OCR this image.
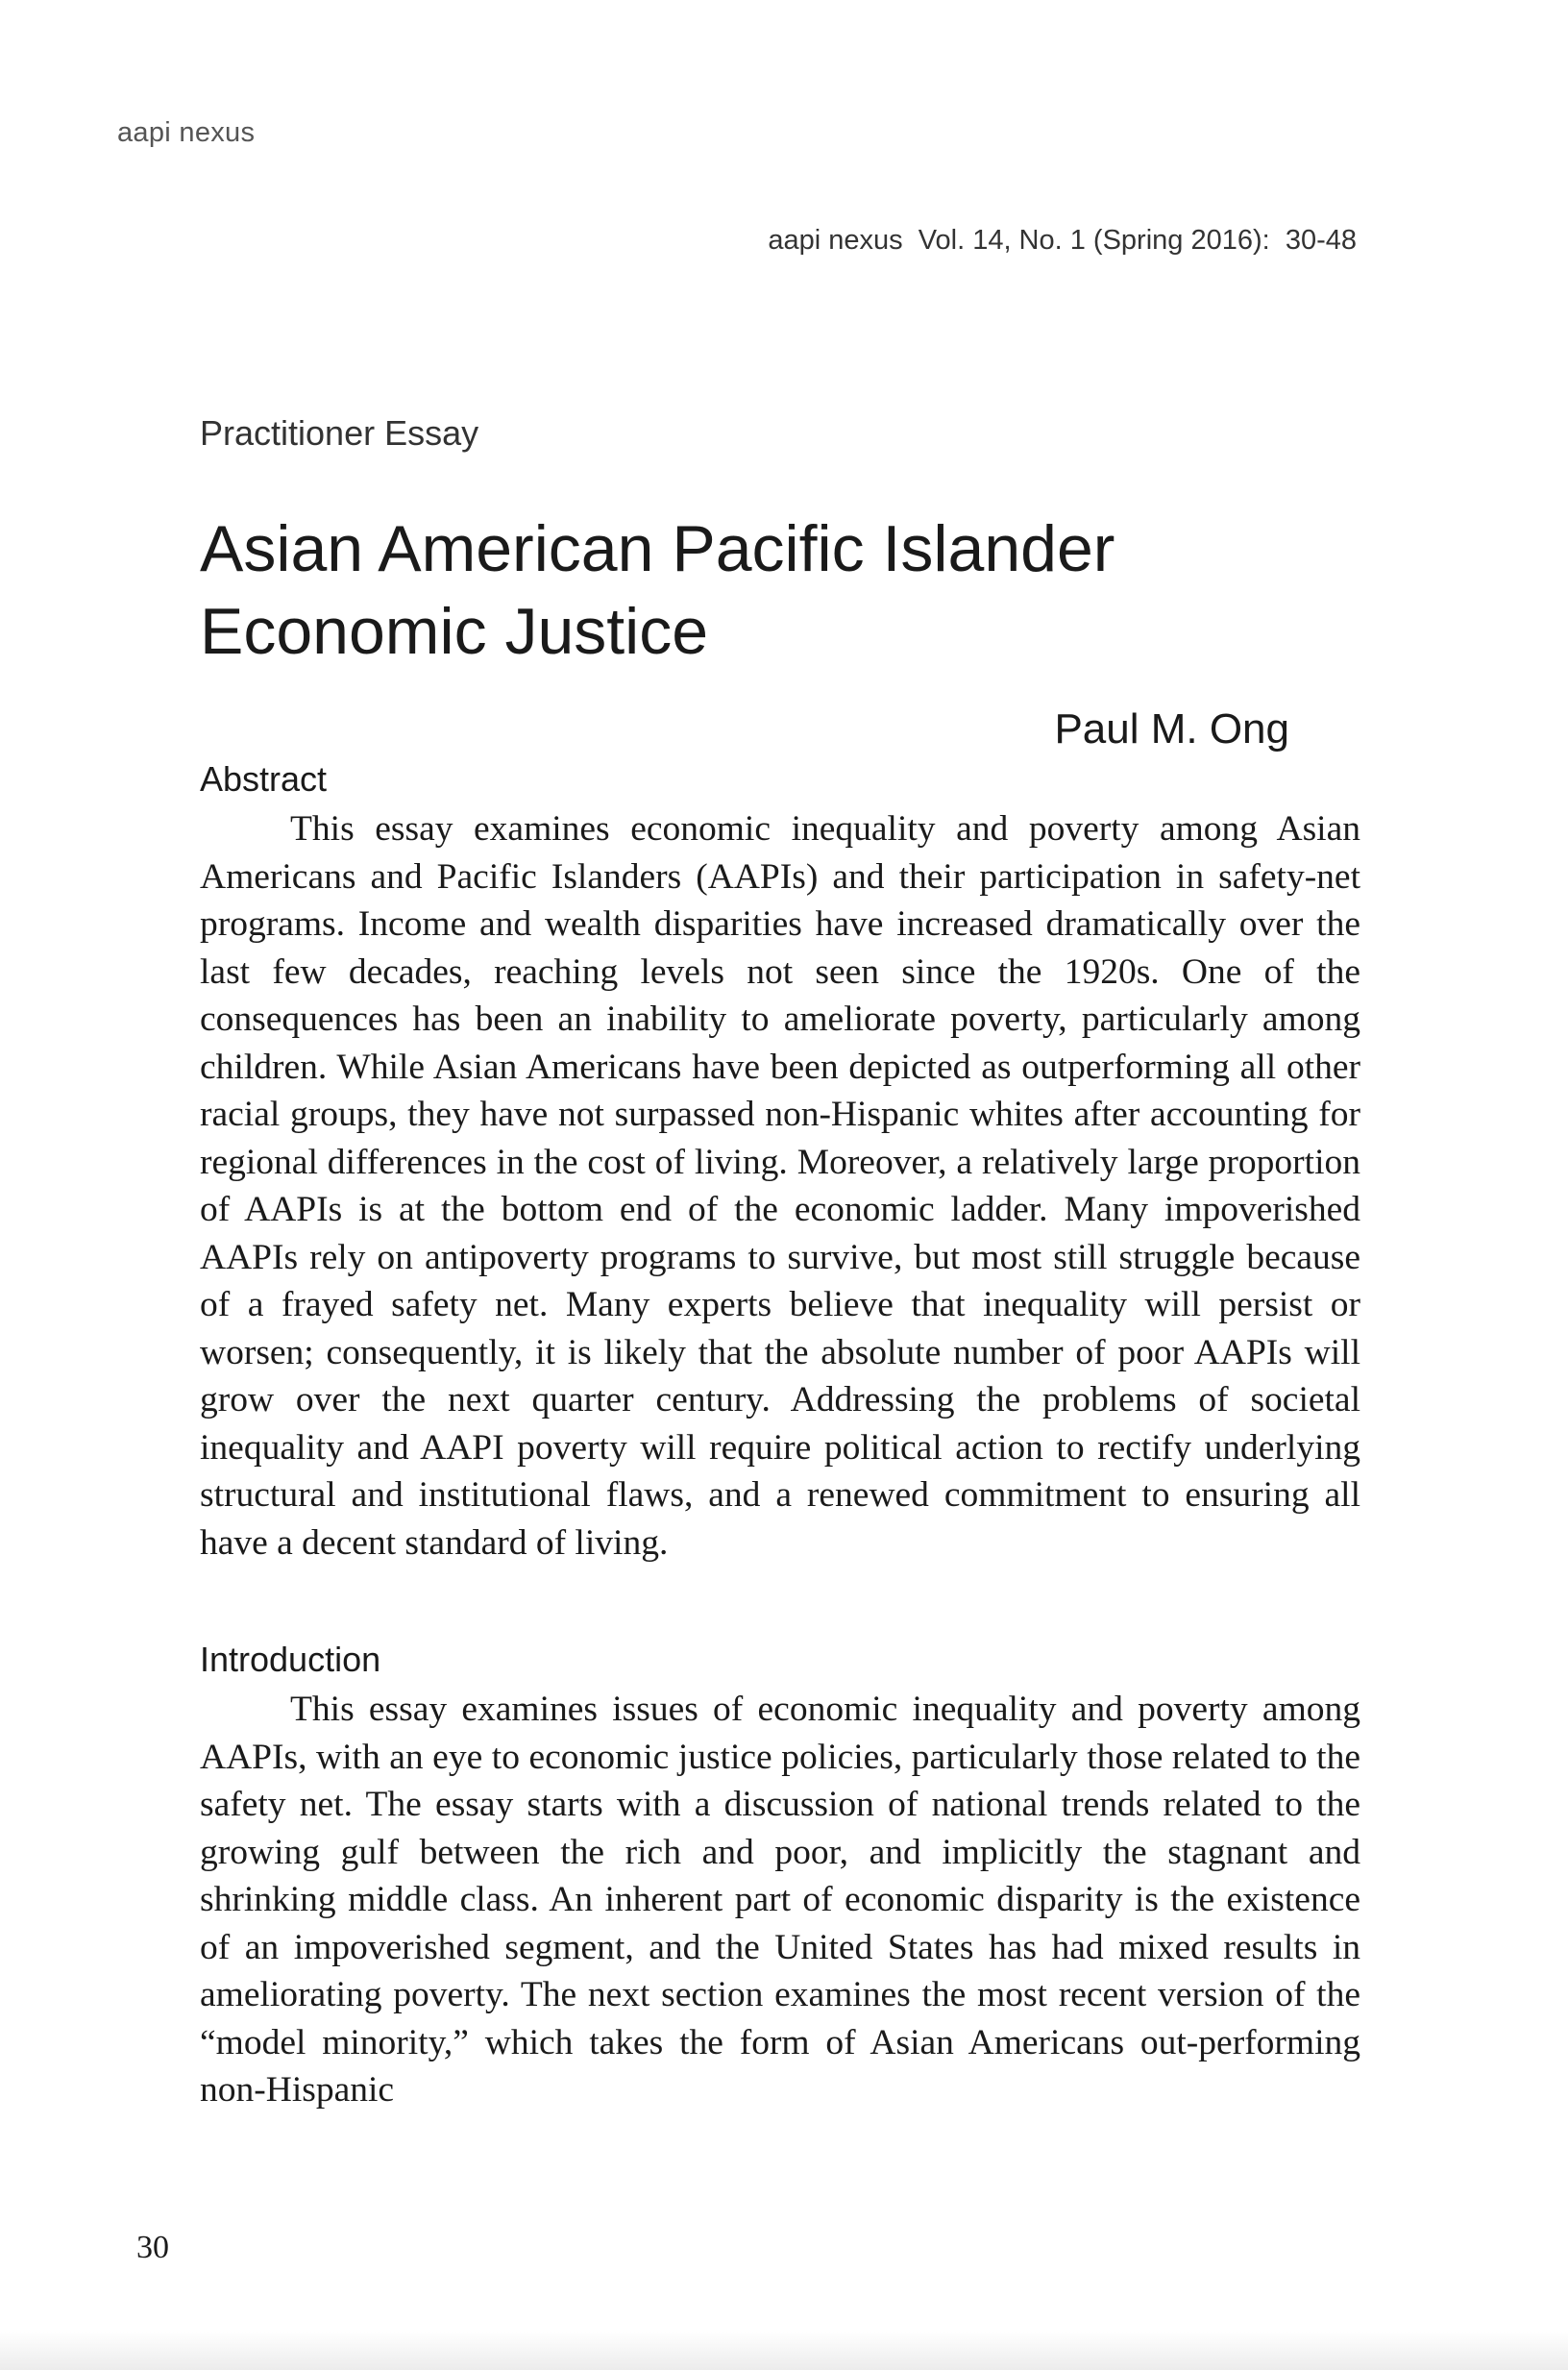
aapi nexus
aapi nexus  Vol. 14, No. 1 (Spring 2016):  30-48
Practitioner Essay
Asian American Pacific Islander
Economic Justice
Paul M. Ong
Abstract

This essay examines economic inequality and poverty among Asian Americans and Pacific Islanders (AAPIs) and their participation in safety-net programs. Income and wealth disparities have increased dramatically over the last few decades, reaching levels not seen since the 1920s. One of the consequences has been an inability to ameliorate poverty, particularly among children. While Asian Americans have been depicted as outperforming all other racial groups, they have not surpassed non-Hispanic whites after accounting for regional differences in the cost of living. Moreover, a relatively large proportion of AAPIs is at the bottom end of the economic ladder. Many impoverished AAPIs rely on antipoverty programs to survive, but most still struggle because of a frayed safety net. Many experts believe that inequality will persist or worsen; consequently, it is likely that the absolute number of poor AAPIs will grow over the next quarter century. Addressing the problems of societal inequality and AAPI poverty will require political action to rectify underlying structural and institutional flaws, and a renewed commitment to ensuring all have a decent standard of living.

Introduction

This essay examines issues of economic inequality and poverty among AAPIs, with an eye to economic justice policies, particularly those related to the safety net. The essay starts with a discussion of national trends related to the growing gulf between the rich and poor, and implicitly the stagnant and shrinking middle class. An inherent part of economic disparity is the existence of an impoverished segment, and the United States has had mixed results in ameliorating poverty. The next section examines the most recent version of the “model minority,” which takes the form of Asian Americans out-performing non-Hispanic

30
